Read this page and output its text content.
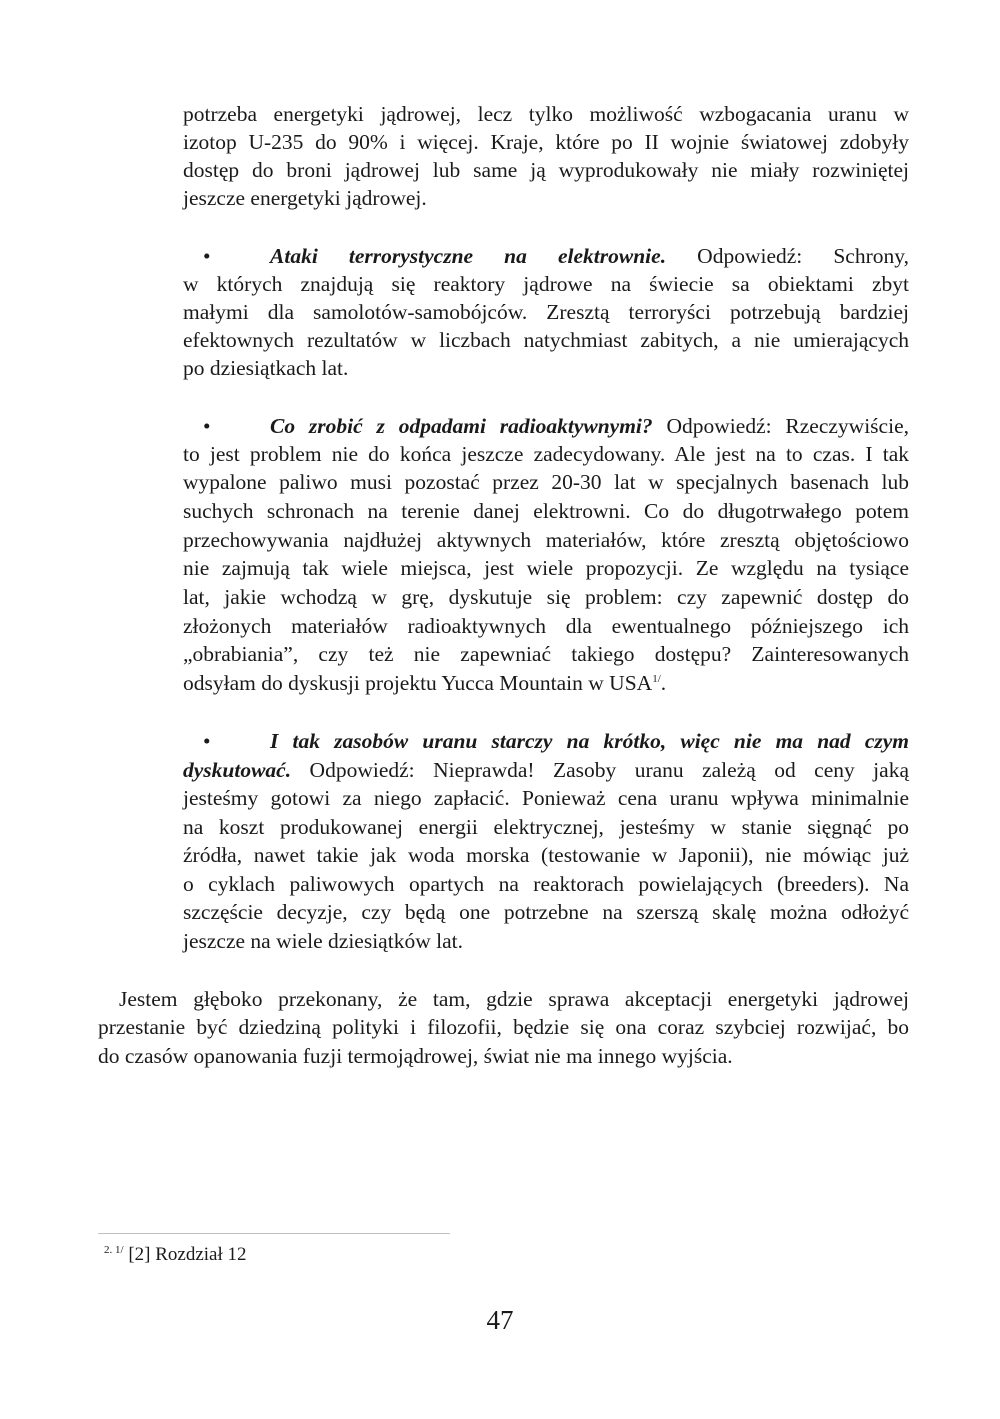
potrzeba energetyki jądrowej, lecz tylko możliwość wzbogacania uranu w
izotop U-235 do 90% i więcej. Kraje, które po II wojnie światowej zdobyły
dostęp do broni jądrowej lub same ją wyprodukowały nie miały rozwiniętej
jeszcze energetyki jądrowej.
•	Ataki terrorystyczne na elektrownie. Odpowiedź: Schrony,
w których znajdują się reaktory jądrowe na świecie sa obiektami zbyt
małymi dla samolotów-samobójców. Zresztą terroryści potrzebują bardziej
efektownych rezultatów w liczbach natychmiast zabitych, a nie umierających
po dziesiątkach lat.
•	Co zrobić z odpadami radioaktywnymi? Odpowiedź: Rzeczywiście,
to jest problem nie do końca jeszcze zadecydowany. Ale jest na to czas. I tak
wypalone paliwo musi pozostać przez 20-30 lat w specjalnych basenach lub
suchych schronach na terenie danej elektrowni. Co do długotrwałego potem
przechowywania najdłużej aktywnych materiałów, które zresztą objętościowo
nie zajmują tak wiele miejsca, jest wiele propozycji. Ze względu na tysiące
lat, jakie wchodzą w grę, dyskutuje się problem: czy zapewnić dostęp do
złożonych materiałów radioaktywnych dla ewentualnego późniejszego ich
„obrabiania”, czy też nie zapewniać takiego dostępu? Zainteresowanych
odsyłam do dyskusji projektu Yucca Mountain w $USA^{1/}$.
•	I tak zasobów uranu starczy na krótko, więc nie ma nad czym
dyskutować. Odpowiedź: Nieprawda! Zasoby uranu zależą od ceny jaką
jesteśmy gotowi za niego zapłacić. Ponieważ cena uranu wpływa minimalnie
na koszt produkowanej energii elektrycznej, jesteśmy w stanie sięgnąć po
źródła, nawet takie jak woda morska (testowanie w Japonii), nie mówiąc już
o cyklach paliwowych opartych na reaktorach powielających (breeders). Na
szczęście decyzje, czy będą one potrzebne na szerszą skalę można odłożyć
jeszcze na wiele dziesiątków lat.
Jestem głęboko przekonany, że tam, gdzie sprawa akceptacji energetyki jądrowej
przestanie być dziedziną polityki i filozofii, będzie się ona coraz szybciej rozwijać, bo
do czasów opanowania fuzji termojądrowej, świat nie ma innego wyjścia.
$^{2. 1/}$ [2] Rozdział 12
47
